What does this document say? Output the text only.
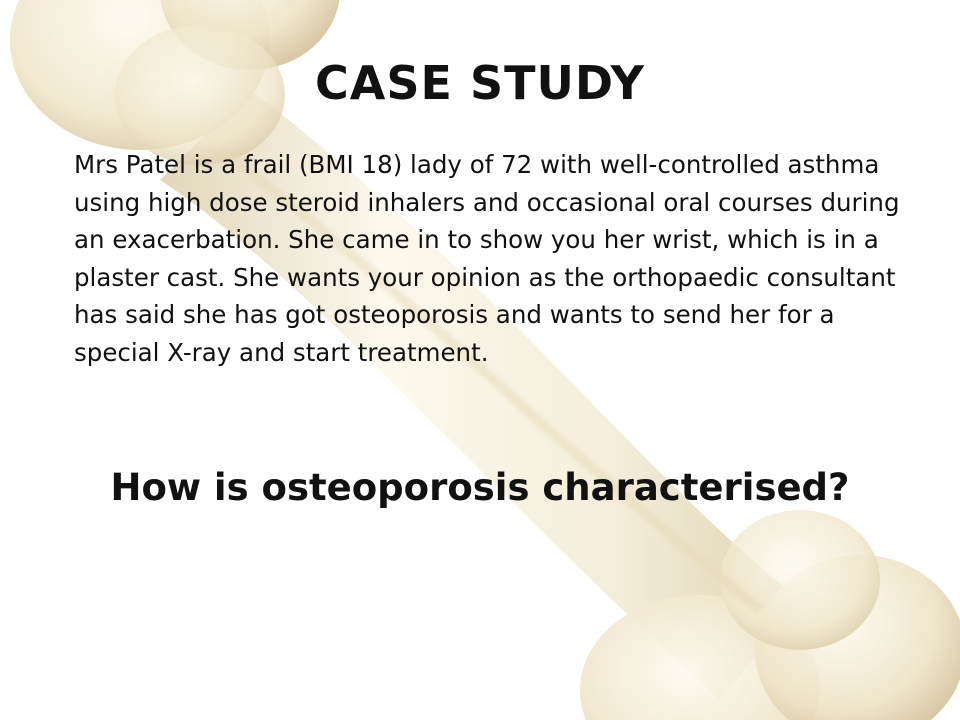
CASE STUDY
Mrs Patel is a frail (BMI 18) lady of 72 with well-controlled asthma using high dose steroid inhalers and occasional oral courses during an exacerbation. She came in to show you her wrist, which is in a plaster cast. She wants your opinion as the orthopaedic consultant has said she has got osteoporosis and wants to send her for a special X-ray and start treatment.
How is osteoporosis characterised?
